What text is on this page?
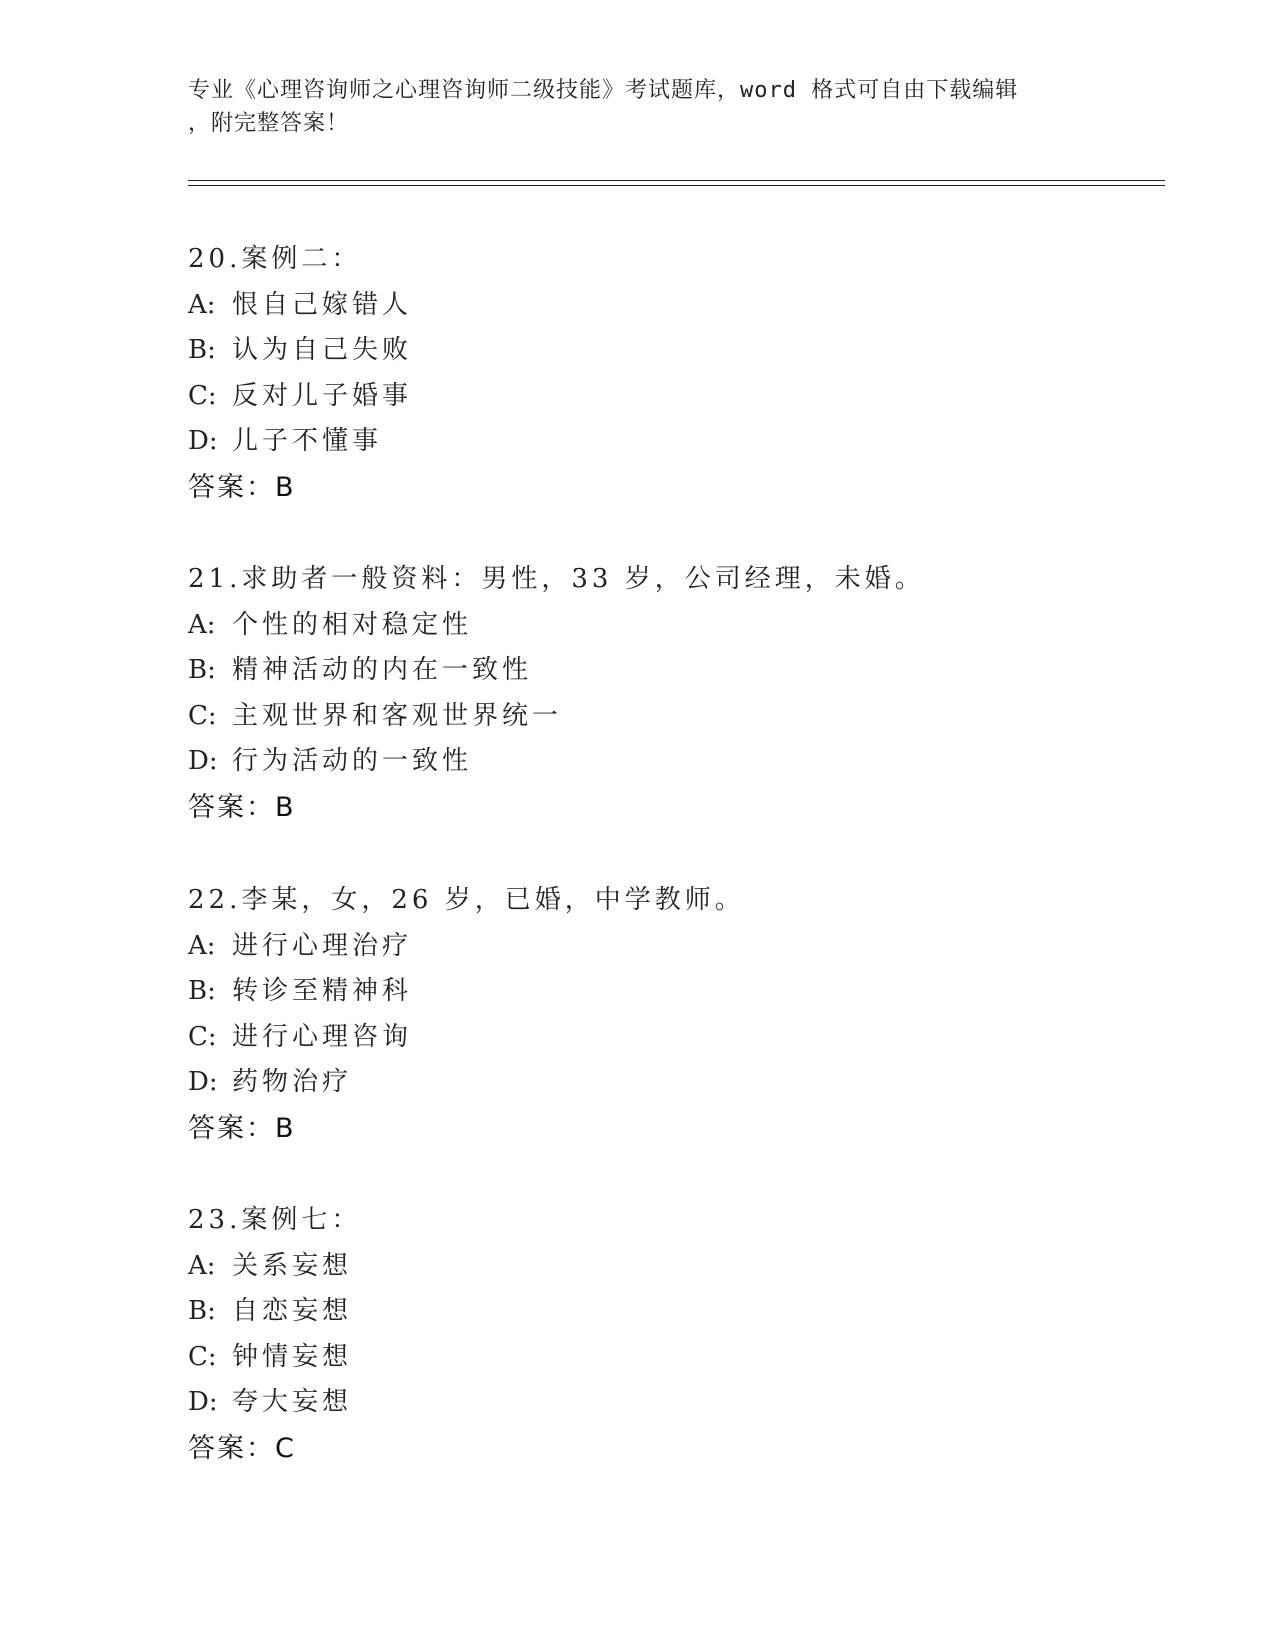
专业《心理咨询师之心理咨询师二级技能》考试题库，word 格式可自由下载编辑
，附完整答案！
20.案例二：
A: 恨自己嫁错人
B: 认为自己失败
C: 反对儿子婚事
D: 儿子不懂事
答案：B
21.求助者一般资料：男性，33 岁，公司经理，未婚。
A: 个性的相对稳定性
B: 精神活动的内在一致性
C: 主观世界和客观世界统一
D: 行为活动的一致性
答案：B
22.李某，女，26 岁，已婚，中学教师。
A: 进行心理治疗
B: 转诊至精神科
C: 进行心理咨询
D: 药物治疗
答案：B
23.案例七：
A: 关系妄想
B: 自恋妄想
C: 钟情妄想
D: 夸大妄想
答案：C
